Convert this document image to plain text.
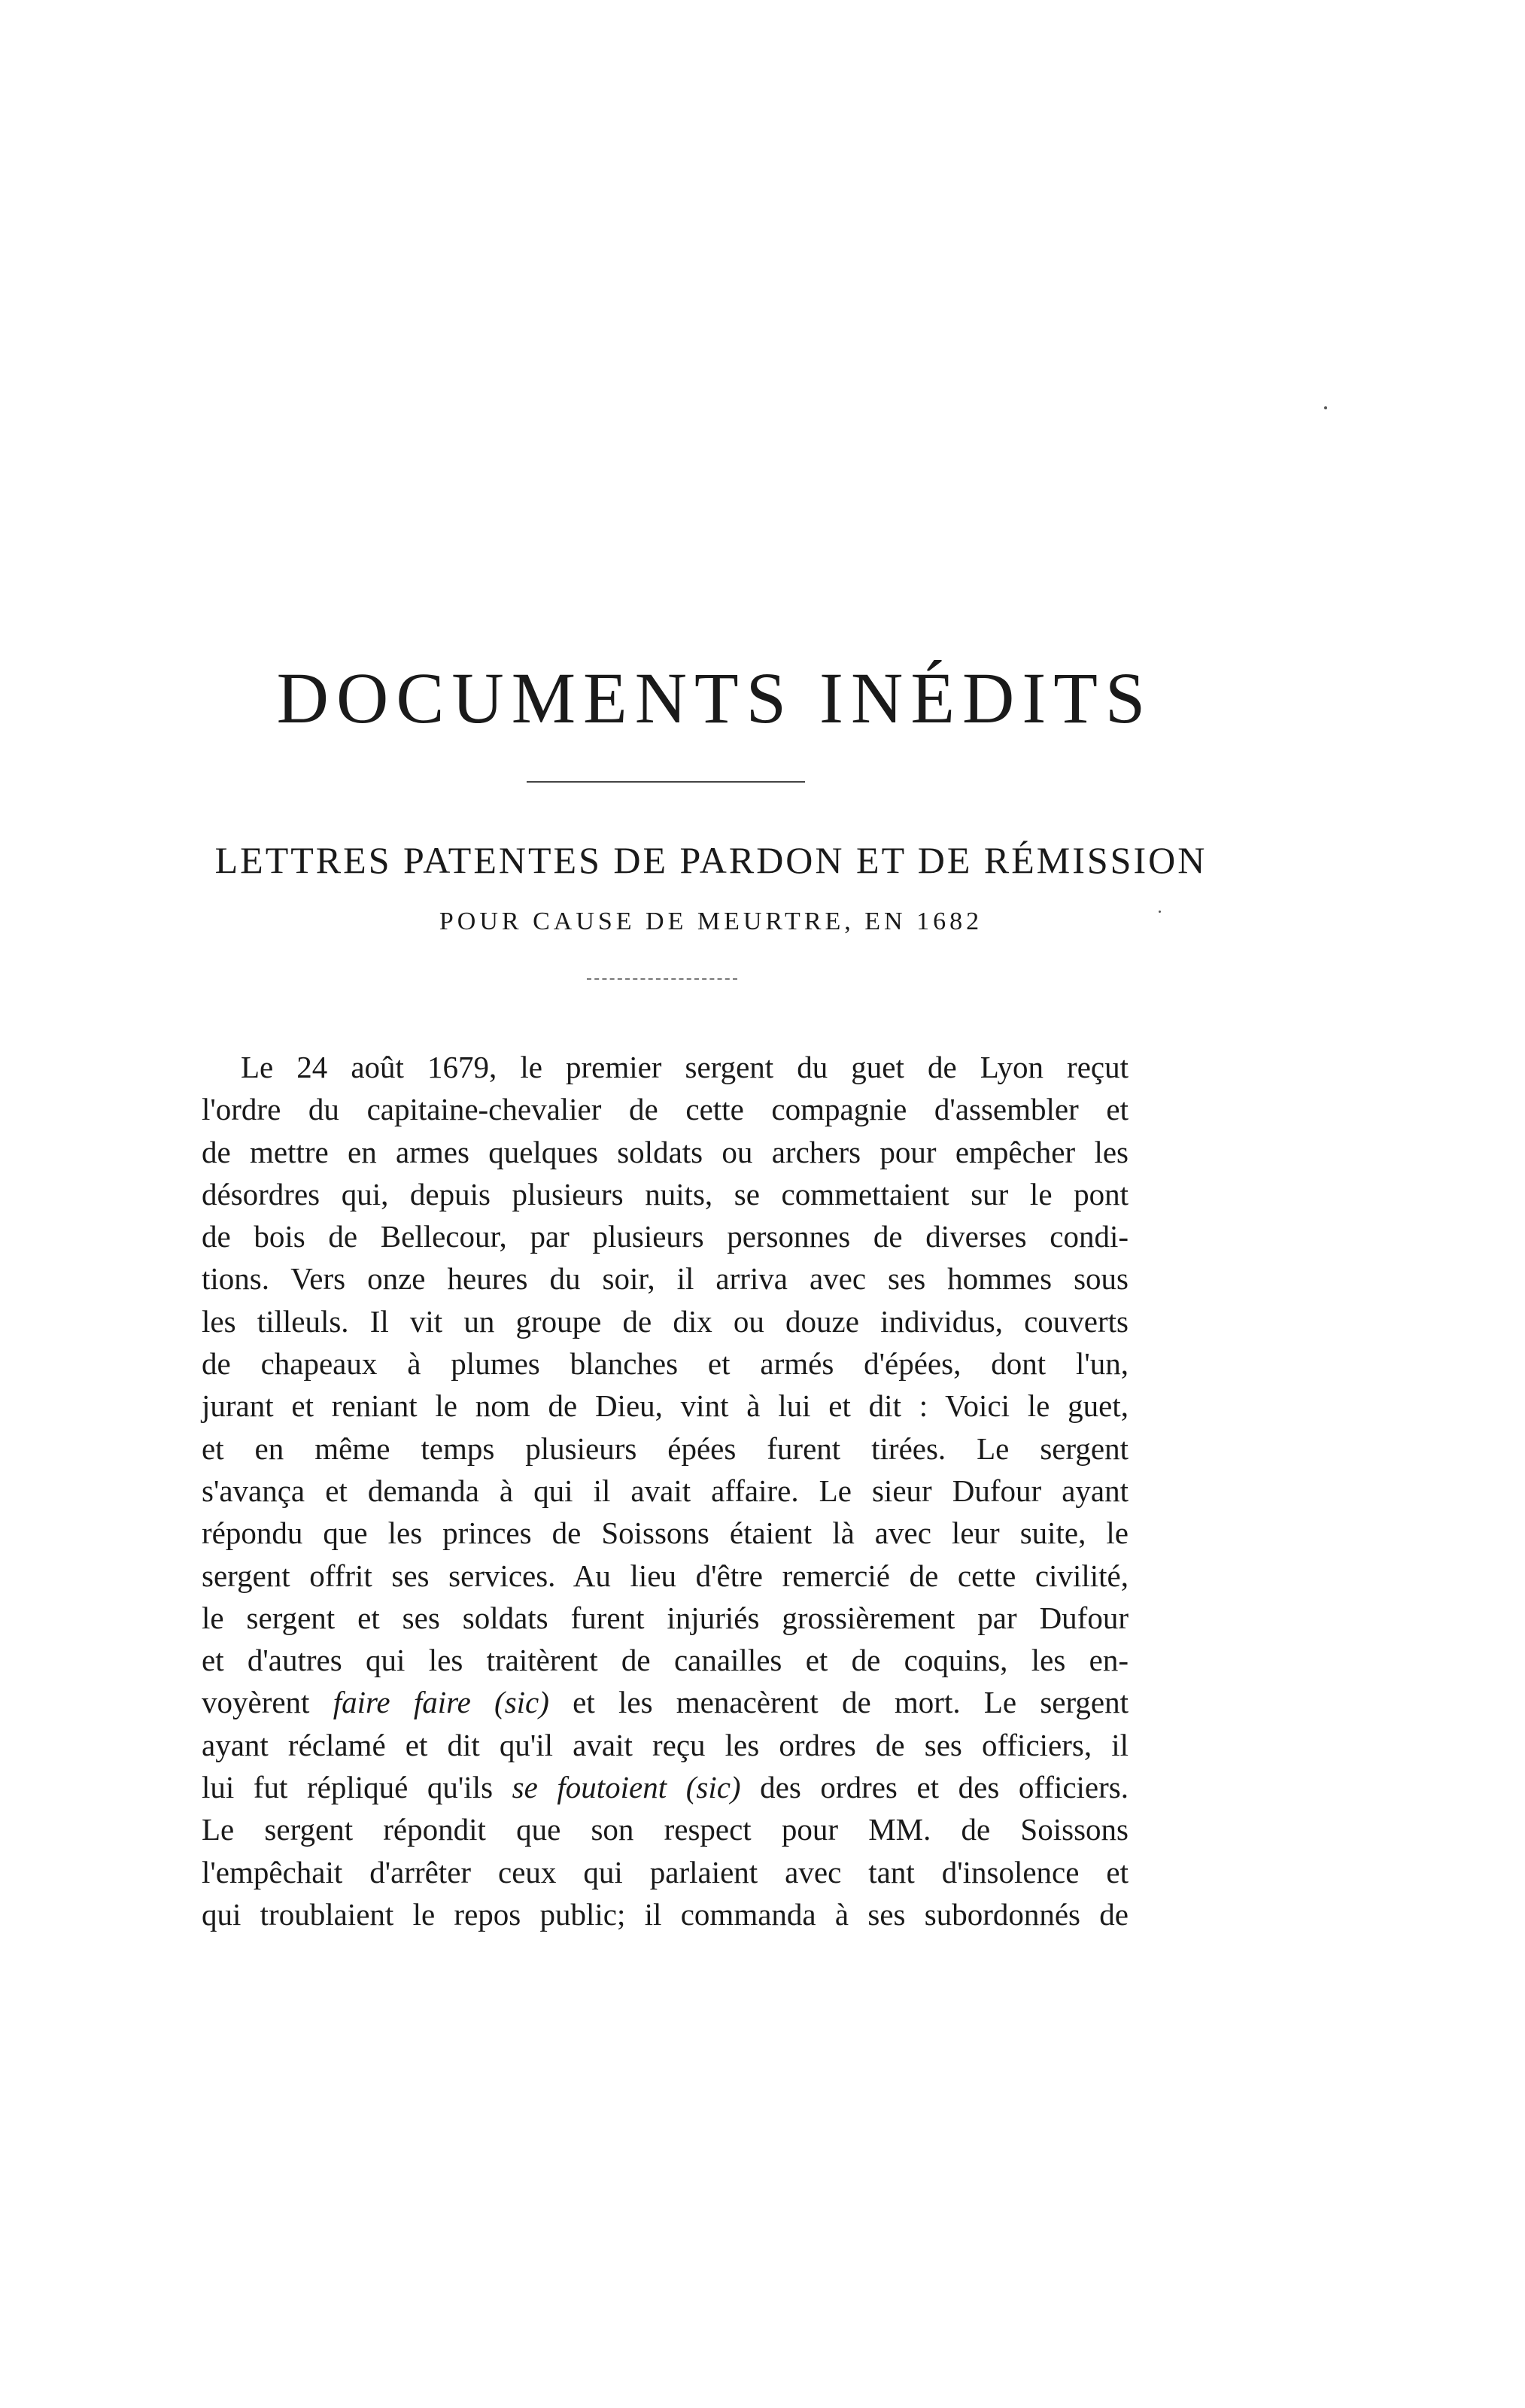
DOCUMENTS INÉDITS
LETTRES PATENTES DE PARDON ET DE RÉMISSION
POUR CAUSE DE MEURTRE, EN 1682
Le 24 août 1679, le premier sergent du guet de Lyon reçut
l'ordre du capitaine-chevalier de cette compagnie d'assembler et
de mettre en armes quelques soldats ou archers pour empêcher les
désordres qui, depuis plusieurs nuits, se commettaient sur le pont
de bois de Bellecour, par plusieurs personnes de diverses condi-
tions. Vers onze heures du soir, il arriva avec ses hommes sous
les tilleuls. Il vit un groupe de dix ou douze individus, couverts
de chapeaux à plumes blanches et armés d'épées, dont l'un,
jurant et reniant le nom de Dieu, vint à lui et dit : Voici le guet,
et en même temps plusieurs épées furent tirées. Le sergent
s'avança et demanda à qui il avait affaire. Le sieur Dufour ayant
répondu que les princes de Soissons étaient là avec leur suite, le
sergent offrit ses services. Au lieu d'être remercié de cette civilité,
le sergent et ses soldats furent injuriés grossièrement par Dufour
et d'autres qui les traitèrent de canailles et de coquins, les en-
voyèrent faire faire (sic) et les menacèrent de mort. Le sergent
ayant réclamé et dit qu'il avait reçu les ordres de ses officiers, il
lui fut répliqué qu'ils se foutoient (sic) des ordres et des officiers.
Le sergent répondit que son respect pour MM. de Soissons
l'empêchait d'arrêter ceux qui parlaient avec tant d'insolence et
qui troublaient le repos public; il commanda à ses subordonnés de
